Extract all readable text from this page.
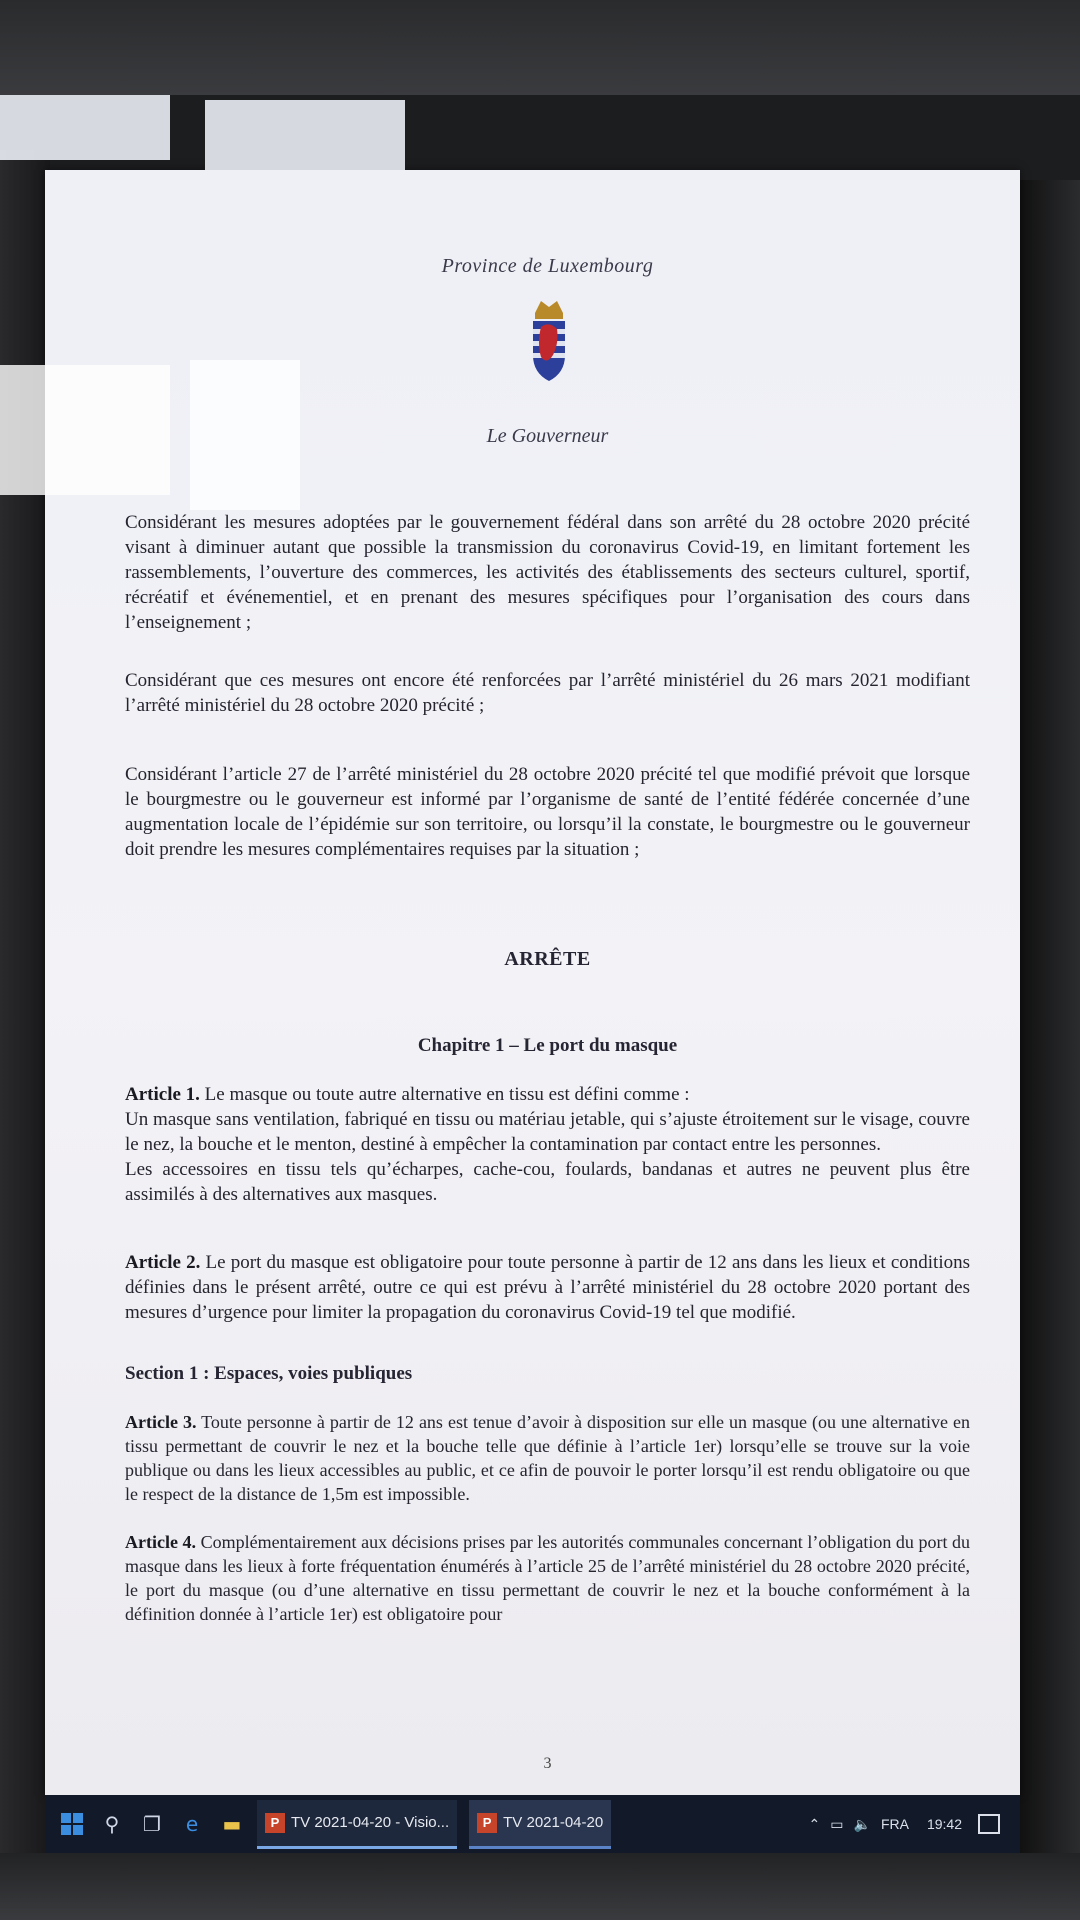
Province de Luxembourg
Le Gouverneur
Considérant les mesures adoptées par le gouvernement fédéral dans son arrêté du 28 octobre 2020 précité visant à diminuer autant que possible la transmission du coronavirus Covid-19, en limitant fortement les rassemblements, l’ouverture des commerces, les activités des établissements des secteurs culturel, sportif, récréatif et événementiel, et en prenant des mesures spécifiques pour l’organisation des cours dans l’enseignement ;
Considérant que ces mesures ont encore été renforcées par l’arrêté ministériel du 26 mars 2021 modifiant l’arrêté ministériel du 28 octobre 2020 précité ;
Considérant l’article 27 de l’arrêté ministériel du 28 octobre 2020 précité tel que modifié prévoit que lorsque le bourgmestre ou le gouverneur est informé par l’organisme de santé de l’entité fédérée concernée d’une augmentation locale de l’épidémie sur son territoire, ou lorsqu’il la constate, le bourgmestre ou le gouverneur doit prendre les mesures complémentaires requises par la situation ;
ARRÊTE
Chapitre 1 – Le port du masque
Article 1. Le masque ou toute autre alternative en tissu est défini comme :
Un masque sans ventilation, fabriqué en tissu ou matériau jetable, qui s’ajuste étroitement sur le visage, couvre le nez, la bouche et le menton, destiné à empêcher la contamination par contact entre les personnes.
Les accessoires en tissu tels qu’écharpes, cache-cou, foulards, bandanas et autres ne peuvent plus être assimilés à des alternatives aux masques.
Article 2. Le port du masque est obligatoire pour toute personne à partir de 12 ans dans les lieux et conditions définies dans le présent arrêté, outre ce qui est prévu à l’arrêté ministériel du 28 octobre 2020 portant des mesures d’urgence pour limiter la propagation du coronavirus Covid-19 tel que modifié.
Section 1 : Espaces, voies publiques
Article 3. Toute personne à partir de 12 ans est tenue d’avoir à disposition sur elle un masque (ou une alternative en tissu permettant de couvrir le nez et la bouche telle que définie à l’article 1er) lorsqu’elle se trouve sur la voie publique ou dans les lieux accessibles au public, et ce afin de pouvoir le porter lorsqu’il est rendu obligatoire ou que le respect de la distance de 1,5m est impossible.
Article 4. Complémentairement aux décisions prises par les autorités communales concernant l’obligation du port du masque dans les lieux à forte fréquentation énumérés à l’article 25 de l’arrêté ministériel du 28 octobre 2020 précité, le port du masque (ou d’une alternative en tissu permettant de couvrir le nez et la bouche conformément à la définition donnée à l’article 1er) est obligatoire pour
3
⚲ ❐	e	▬	P TV 2021-04-20 - Visio...	P TV 2021-04-20	⌃ ▭ 🔈 FRA 19:42
